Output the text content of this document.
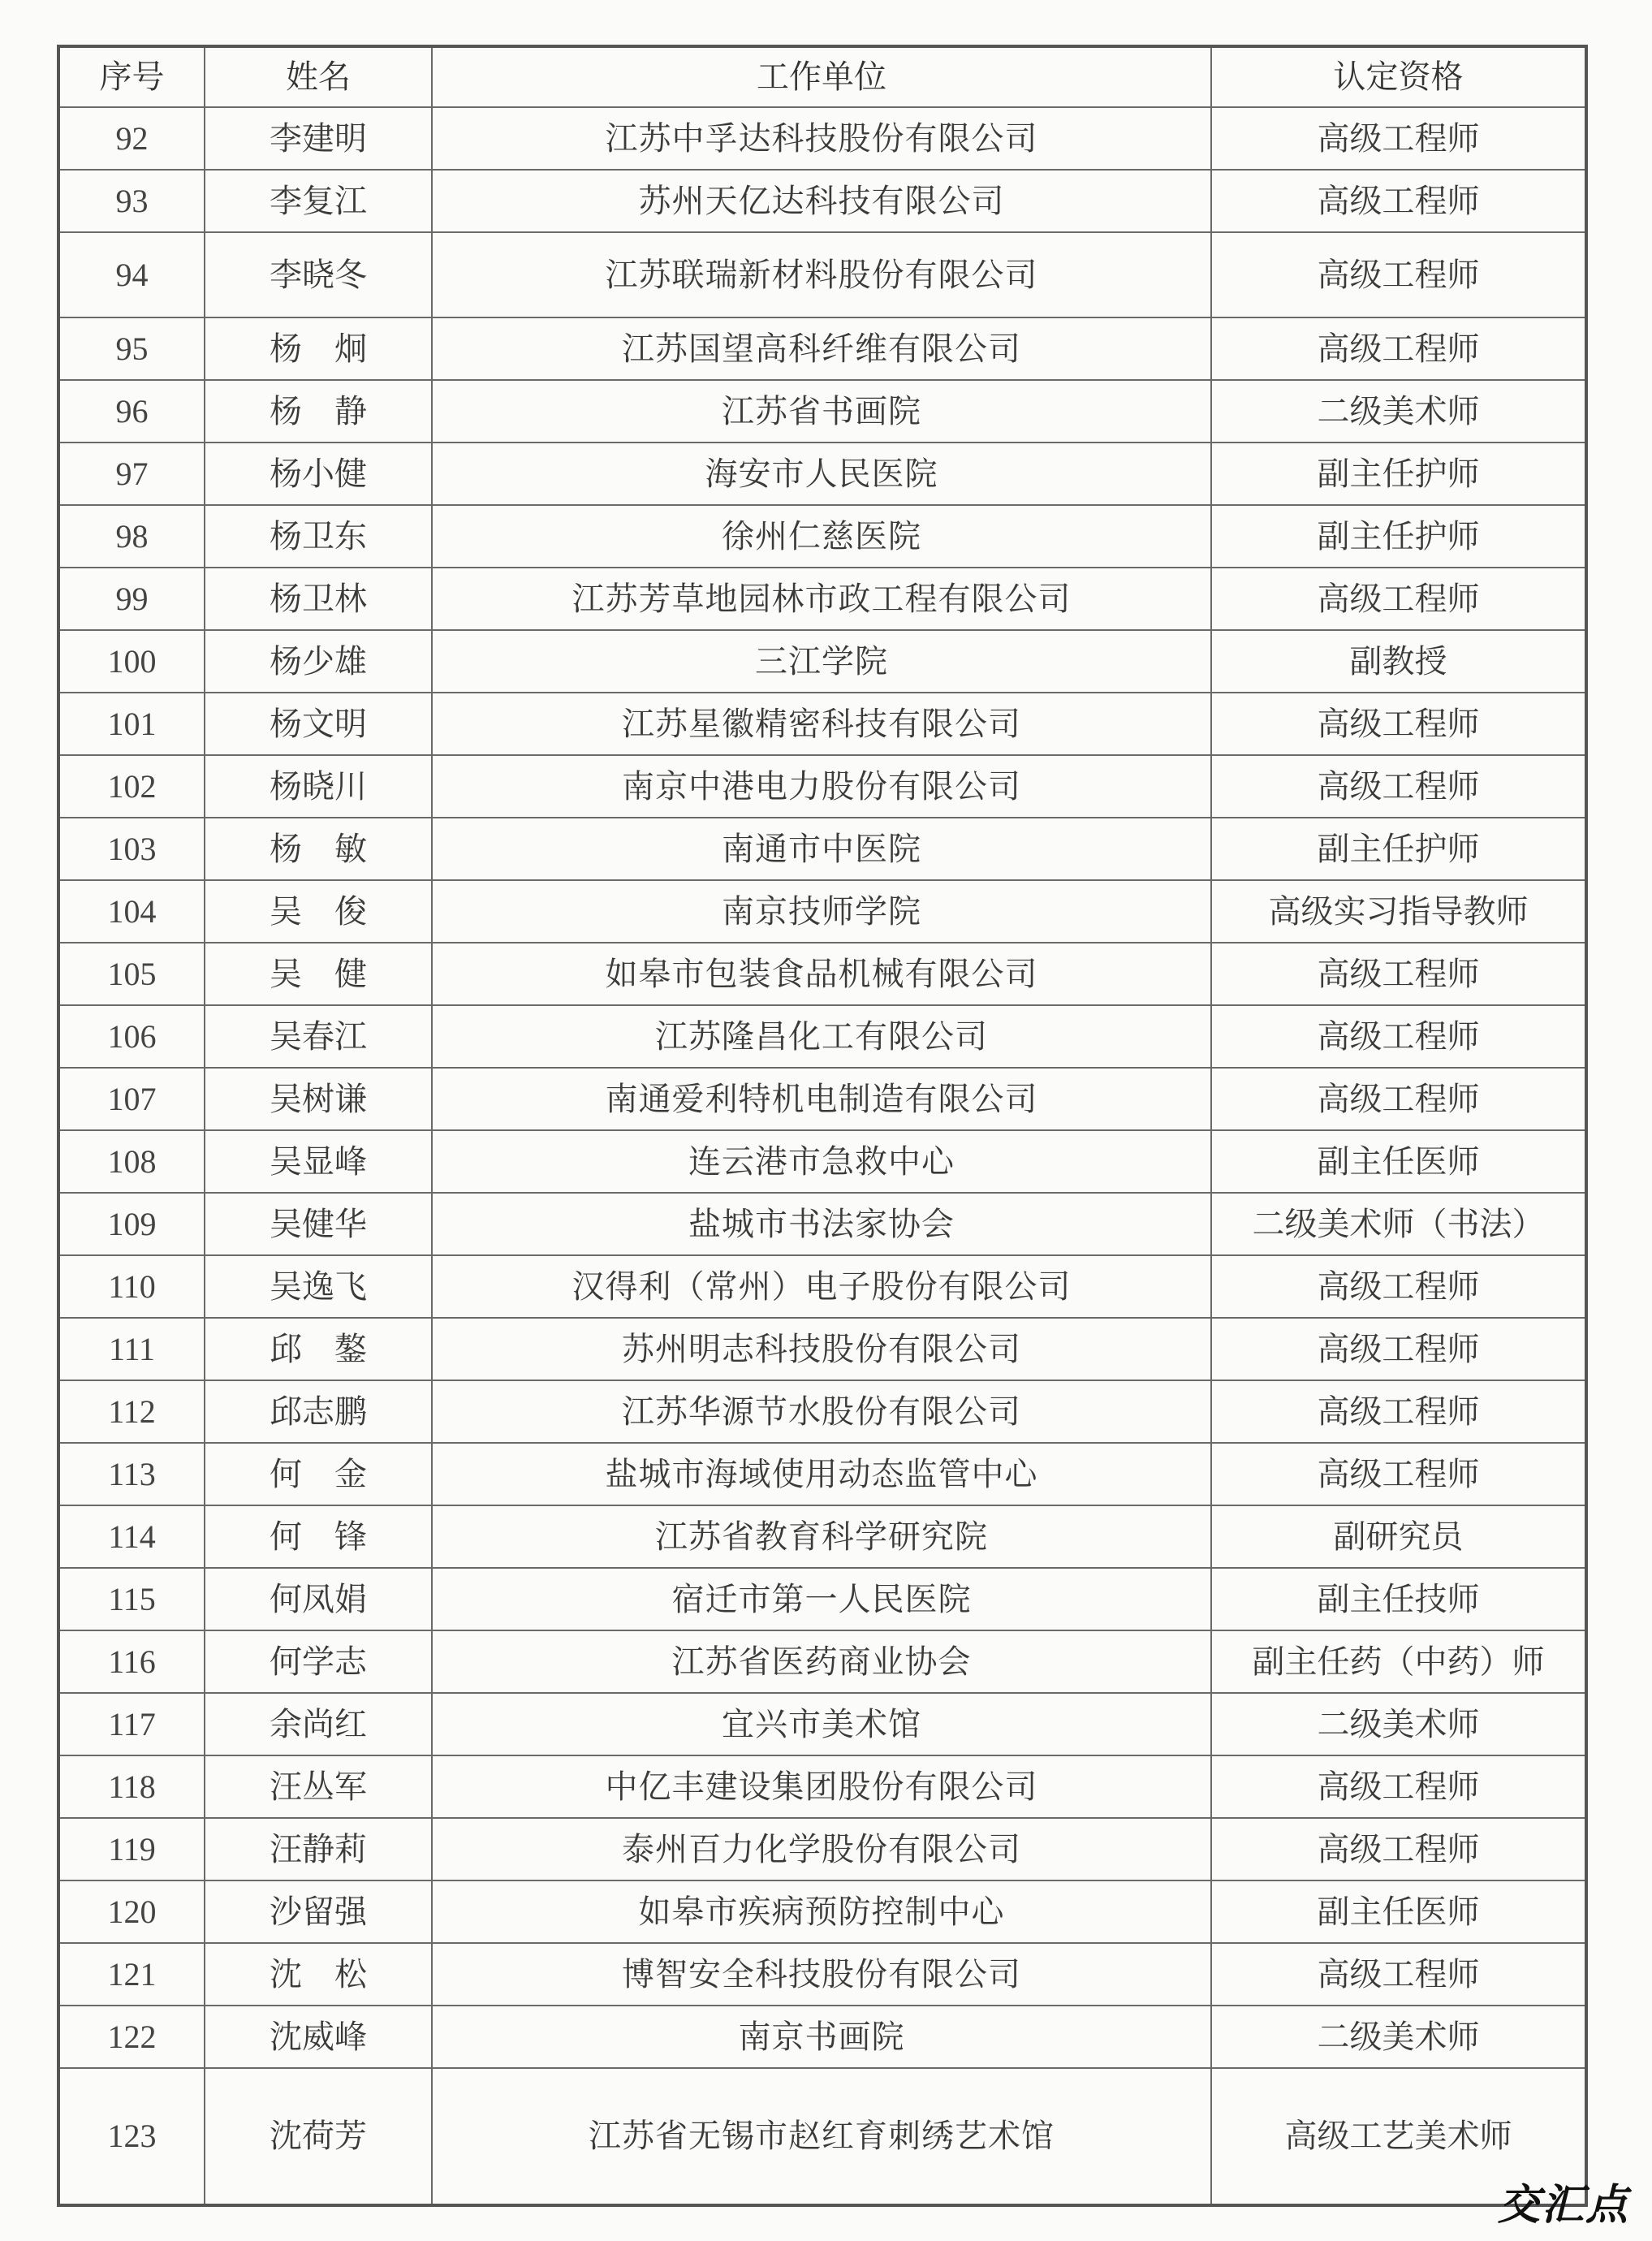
序号	姓名	工作单位	认定资格
92	李建明	江苏中孚达科技股份有限公司	高级工程师
93	李复江	苏州天亿达科技有限公司	高级工程师
94	李晓冬	江苏联瑞新材料股份有限公司	高级工程师
95	杨　炯	江苏国望高科纤维有限公司	高级工程师
96	杨　静	江苏省书画院	二级美术师
97	杨小健	海安市人民医院	副主任护师
98	杨卫东	徐州仁慈医院	副主任护师
99	杨卫林	江苏芳草地园林市政工程有限公司	高级工程师
100	杨少雄	三江学院	副教授
101	杨文明	江苏星徽精密科技有限公司	高级工程师
102	杨晓川	南京中港电力股份有限公司	高级工程师
103	杨　敏	南通市中医院	副主任护师
104	吴　俊	南京技师学院	高级实习指导教师
105	吴　健	如皋市包装食品机械有限公司	高级工程师
106	吴春江	江苏隆昌化工有限公司	高级工程师
107	吴树谦	南通爱利特机电制造有限公司	高级工程师
108	吴显峰	连云港市急救中心	副主任医师
109	吴健华	盐城市书法家协会	二级美术师（书法）
110	吴逸飞	汉得利（常州）电子股份有限公司	高级工程师
111	邱　鏊	苏州明志科技股份有限公司	高级工程师
112	邱志鹏	江苏华源节水股份有限公司	高级工程师
113	何　金	盐城市海域使用动态监管中心	高级工程师
114	何　锋	江苏省教育科学研究院	副研究员
115	何凤娟	宿迁市第一人民医院	副主任技师
116	何学志	江苏省医药商业协会	副主任药（中药）师
117	余尚红	宜兴市美术馆	二级美术师
118	汪丛军	中亿丰建设集团股份有限公司	高级工程师
119	汪静莉	泰州百力化学股份有限公司	高级工程师
120	沙留强	如皋市疾病预防控制中心	副主任医师
121	沈　松	博智安全科技股份有限公司	高级工程师
122	沈威峰	南京书画院	二级美术师
123	沈荷芳	江苏省无锡市赵红育刺绣艺术馆	高级工艺美术师
交汇点
